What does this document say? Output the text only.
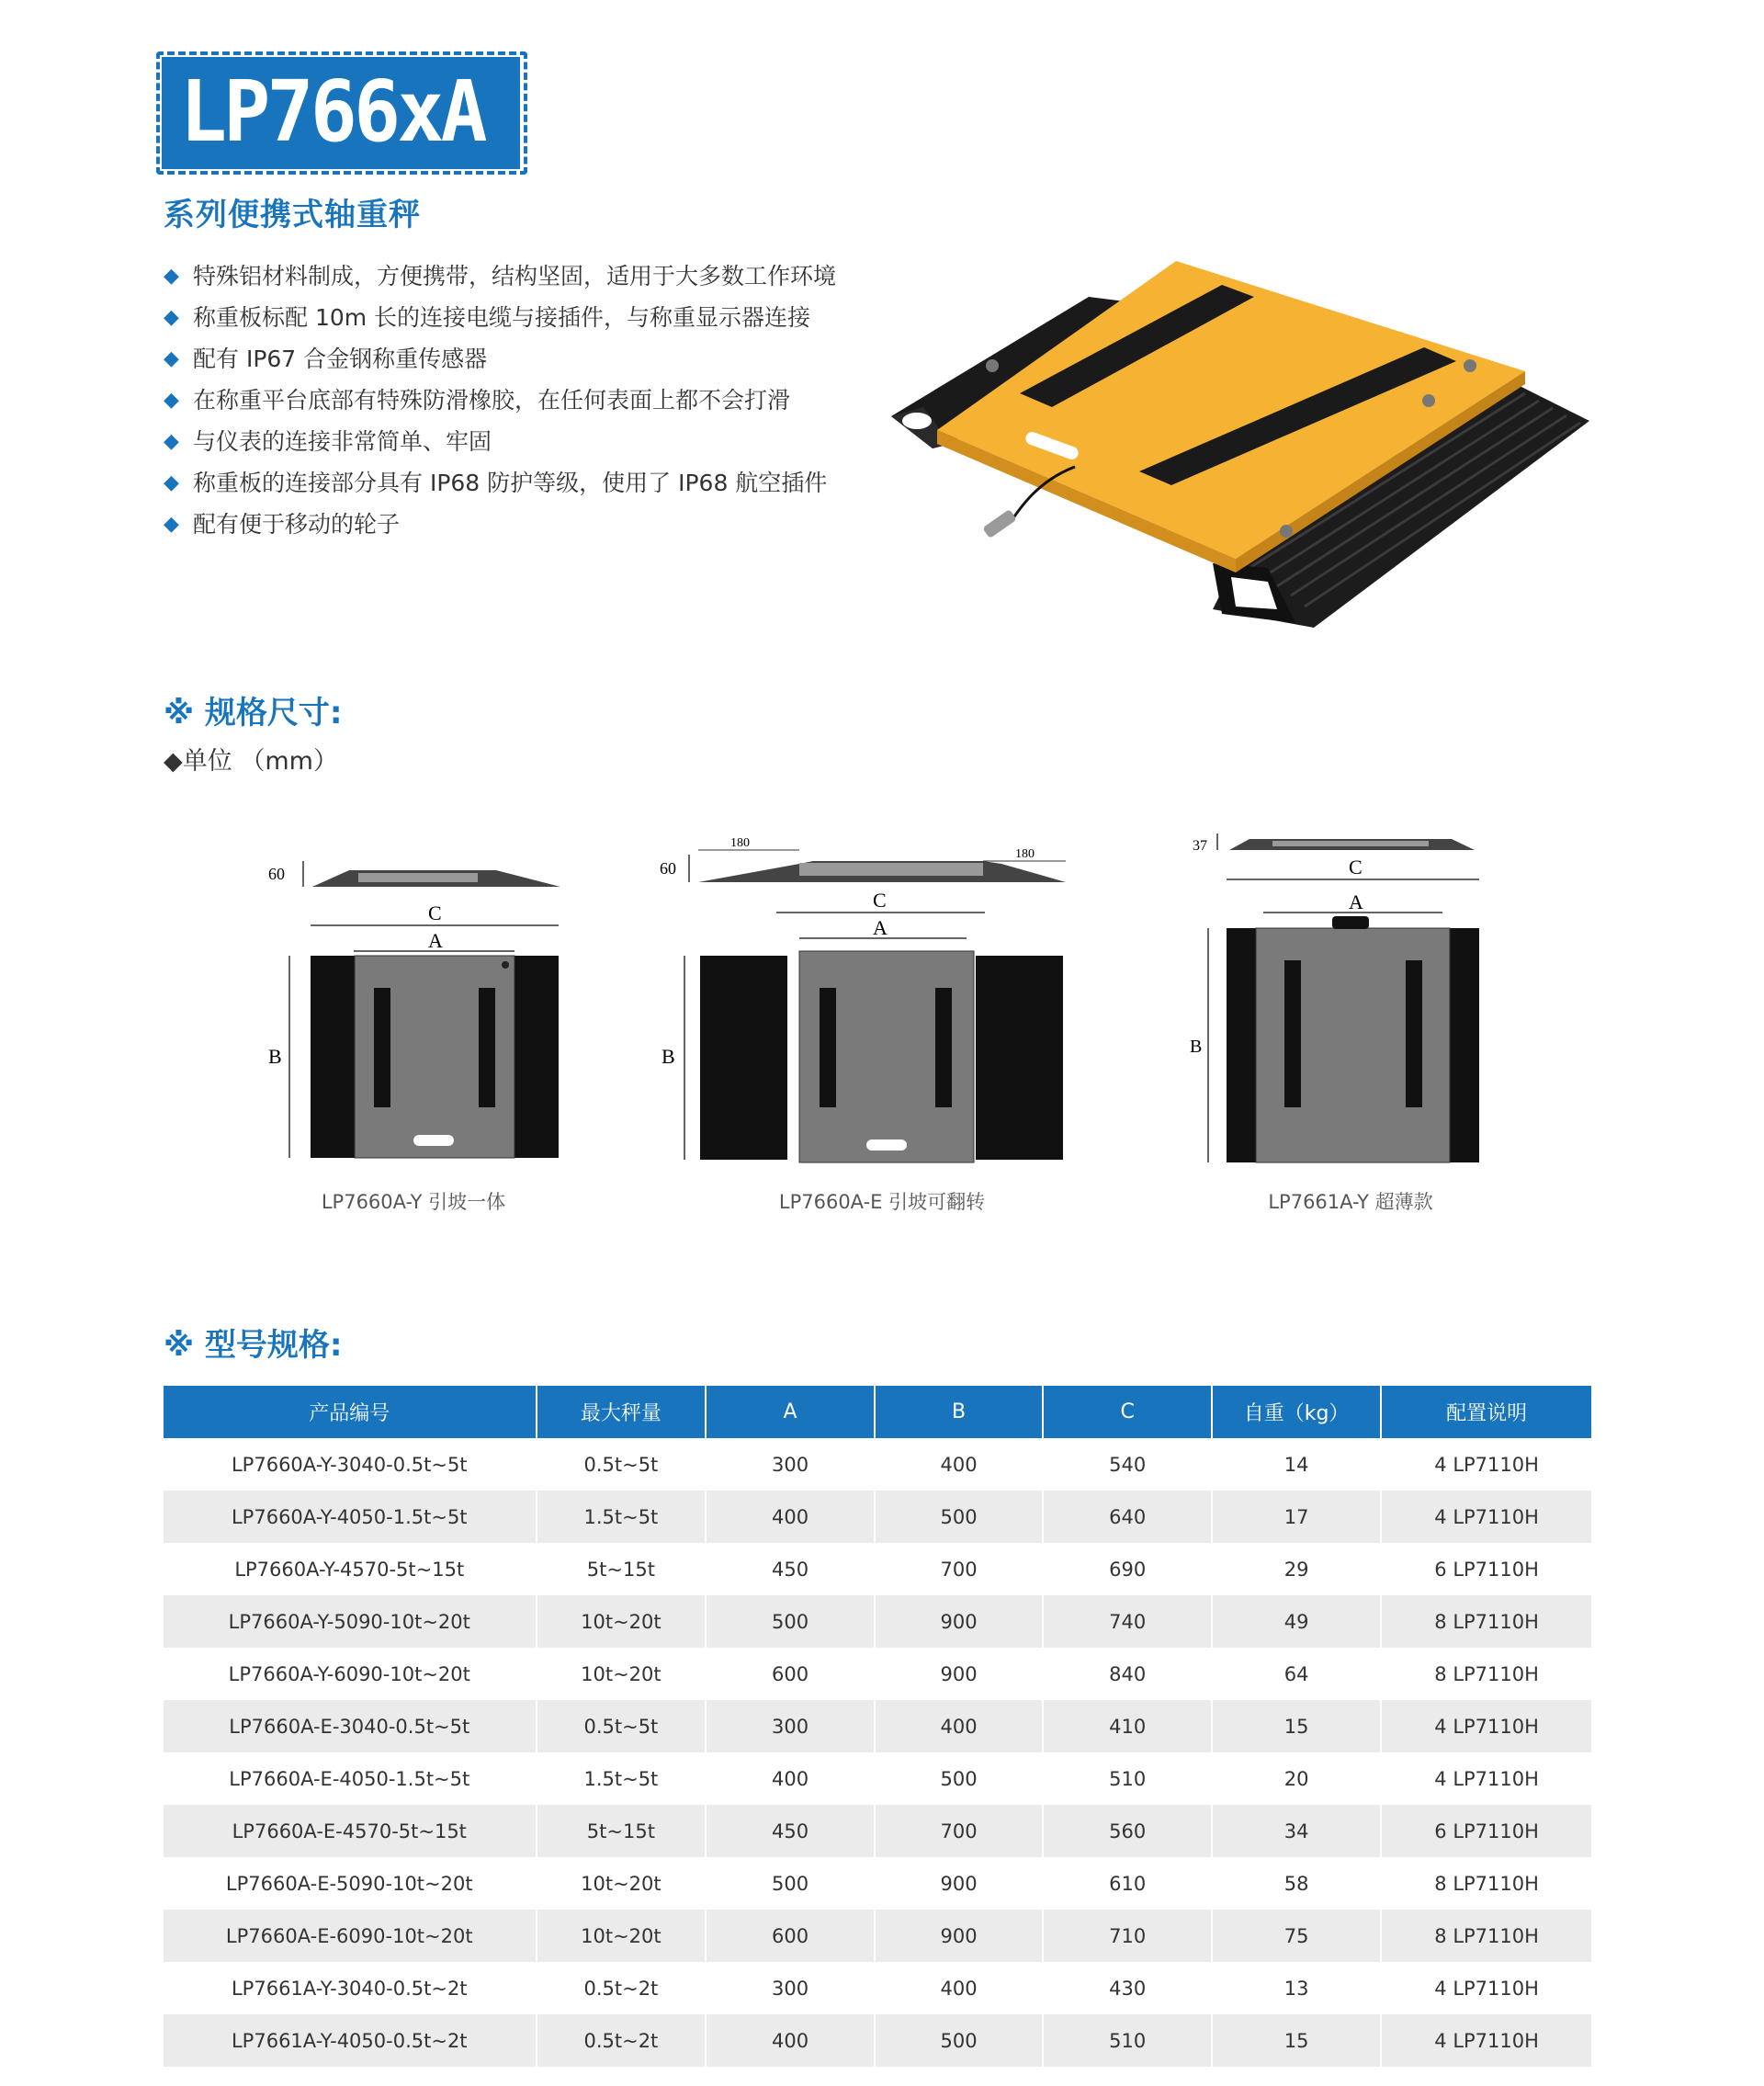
LP766xA
系列便携式轴重秤
◆ 特殊铝材料制成，方便携带，结构坚固，适用于大多数工作环境
◆ 称重板标配 10m 长的连接电缆与接插件，与称重显示器连接
◆ 配有 IP67 合金钢称重传感器
◆ 在称重平台底部有特殊防滑橡胶，在任何表面上都不会打滑
◆ 与仪表的连接非常简单、牢固
◆ 称重板的连接部分具有 IP68 防护等级，使用了 IP68 航空插件
◆ 配有便于移动的轮子
※ 规格尺寸:
◆单位 （mm）
60
C
A
B
LP7660A-Y 引坡一体
60
180
180
C
A
B
LP7660A-E 引坡可翻转
37
C
A
B
LP7661A-Y 超薄款
※ 型号规格:
产品编号	最大秤量	A	B	C	自重（kg）	配置说明
LP7660A-Y-3040-0.5t~5t	0.5t~5t	300	400	540	14	4 LP7110H
LP7660A-Y-4050-1.5t~5t	1.5t~5t	400	500	640	17	4 LP7110H
LP7660A-Y-4570-5t~15t	5t~15t	450	700	690	29	6 LP7110H
LP7660A-Y-5090-10t~20t	10t~20t	500	900	740	49	8 LP7110H
LP7660A-Y-6090-10t~20t	10t~20t	600	900	840	64	8 LP7110H
LP7660A-E-3040-0.5t~5t	0.5t~5t	300	400	410	15	4 LP7110H
LP7660A-E-4050-1.5t~5t	1.5t~5t	400	500	510	20	4 LP7110H
LP7660A-E-4570-5t~15t	5t~15t	450	700	560	34	6 LP7110H
LP7660A-E-5090-10t~20t	10t~20t	500	900	610	58	8 LP7110H
LP7660A-E-6090-10t~20t	10t~20t	600	900	710	75	8 LP7110H
LP7661A-Y-3040-0.5t~2t	0.5t~2t	300	400	430	13	4 LP7110H
LP7661A-Y-4050-0.5t~2t	0.5t~2t	400	500	510	15	4 LP7110H
